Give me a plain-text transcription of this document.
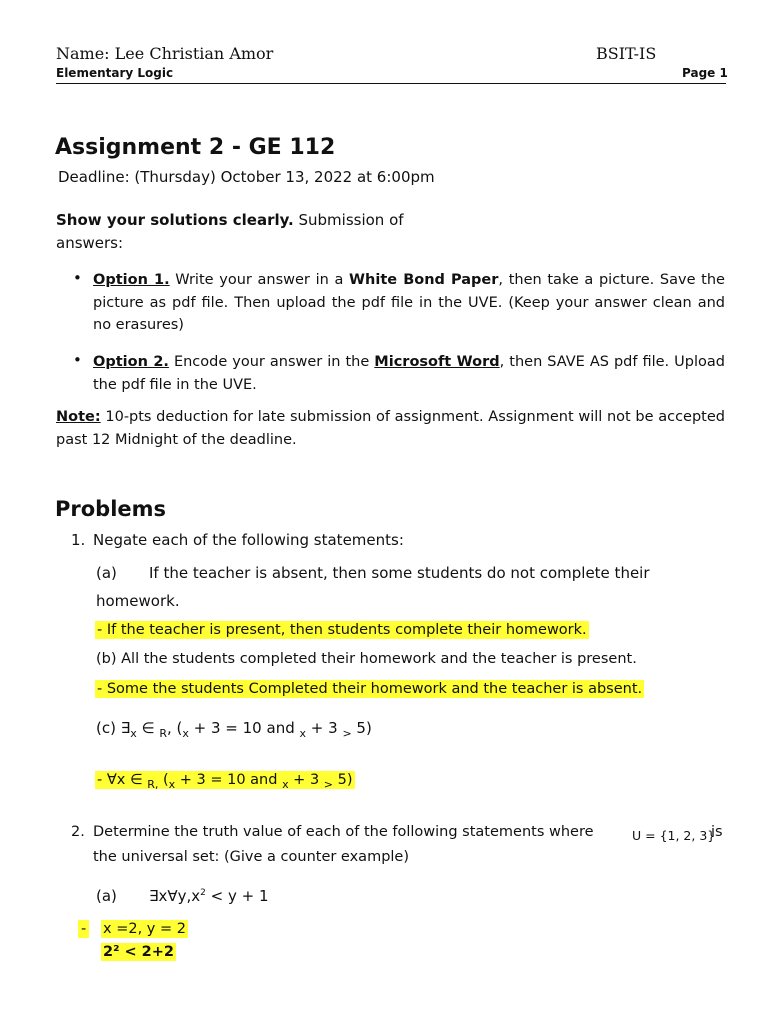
Name: Lee Christian Amor	BSIT-IS
Elementary Logic	Page 1
Assignment 2 - GE 112
Deadline: (Thursday) October 13, 2022 at 6:00pm
Show your solutions clearly. Submission of
answers:
• Option 1. Write your answer in a White Bond Paper, then take a picture. Save the picture as pdf file. Then upload the pdf file in the UVE. (Keep your answer clean and no erasures)
• Option 2. Encode your answer in the Microsoft Word, then SAVE AS pdf file. Upload the pdf file in the UVE.
Note: 10-pts deduction for late submission of assignment. Assignment will not be accepted past 12 Midnight of the deadline.
Problems
1. Negate each of the following statements:
(a) If the teacher is absent, then some students do not complete their
homework.
- If the teacher is present, then students complete their homework.
(b) All the students completed their homework and the teacher is present.
- Some the students Completed their homework and the teacher is absent.
(c) $\exists_x$ ∈ $_R$, ($_x + 3 = 10$ and $_x$ + 3 $_>$ 5)
- ∀x ∈ $_{R,}$ ($_x + 3 = 10$ and $_x$ + 3 $_>$ 5)
2. Determine the truth value of each of the following statements where	U = {1, 2, 3}
is
the universal set: (Give a counter example)
(a) $\exists x\forall y,x^2 < y + 1$
- x =2, y = 2
2² < 2+2
